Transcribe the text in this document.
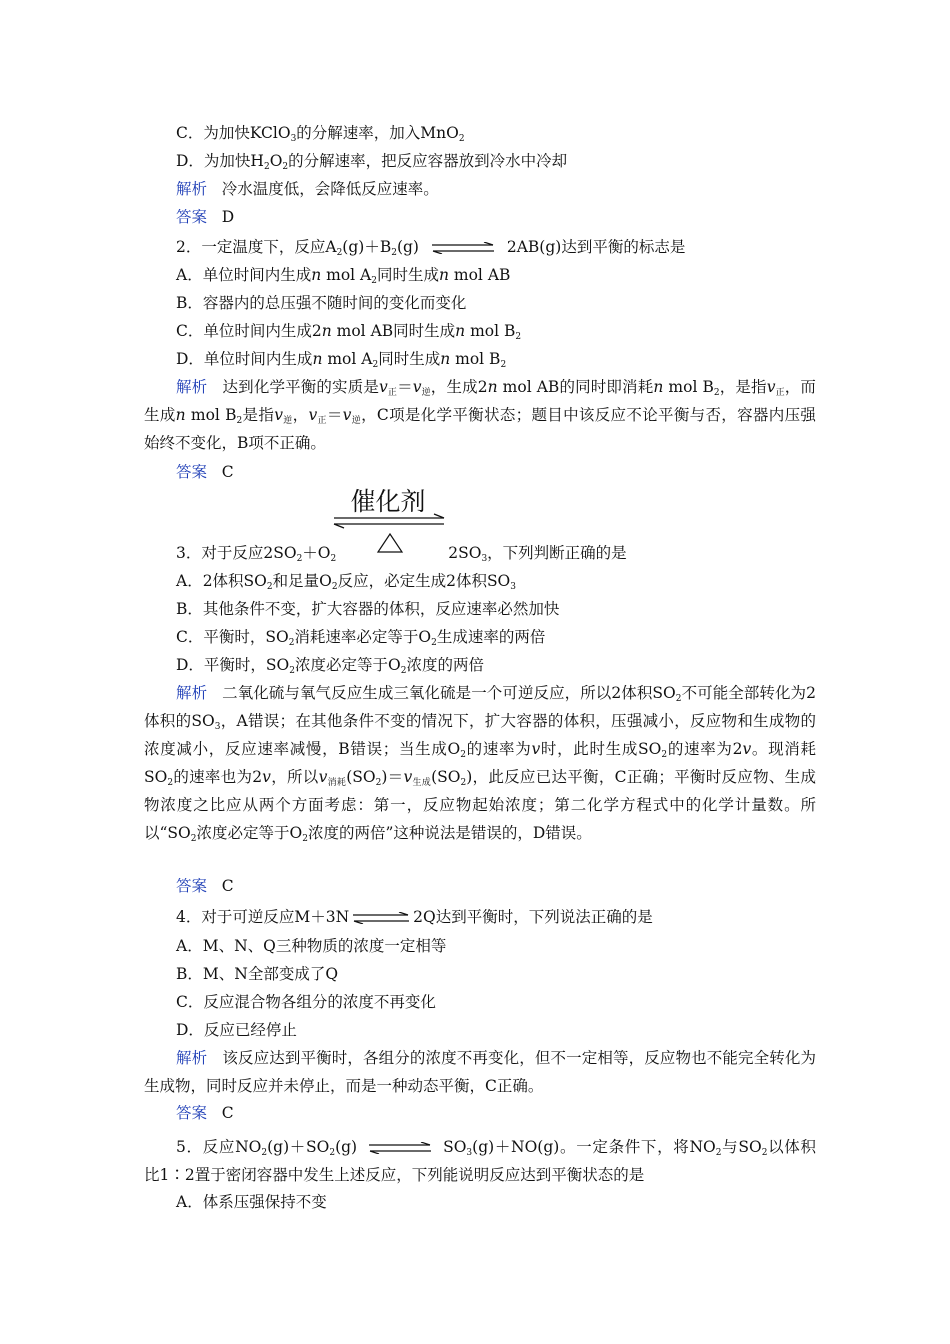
C．为加快KClO$_3$的分解速率，加入MnO$_2$
D．为加快$H_2O_2$的分解速率，把反应容器放到冷水中冷却
解析 冷水温度低，会降低反应速率。
答案 D
2．一定温度下，反应$A_2(g)+B_2(g)$	2AB(g)达到平衡的标志是
A．单位时间内生成n mol $A_2$同时生成n mol AB
B．容器内的总压强不随时间的变化而变化
C．单位时间内生成2n mol AB同时生成n mol $B_2$
D．单位时间内生成n mol $A_2$同时生成n mol $B_2$
解析 达到化学平衡的实质是$v_正=v_逆$，生成2n mol AB的同时即消耗n mol $B_2$，是指$v_正$，而生成n mol $B_2$是指$v_逆$，$v_正=v_逆$，C项是化学平衡状态；题目中该反应不论平衡与否，容器内压强始终不变化，B项不正确。
答案 C
催化剂
3．对于反应$2SO_2+O_2$	$2SO_3$，下列判断正确的是
A．2体积$SO_2$和足量$O_2$反应，必定生成2体积$SO_3$
B．其他条件不变，扩大容器的体积，反应速率必然加快
C．平衡时，$SO_2$消耗速率必定等于$O_2$生成速率的两倍
D．平衡时，$SO_2$浓度必定等于$O_2$浓度的两倍
解析 二氧化硫与氧气反应生成三氧化硫是一个可逆反应，所以2体积$SO_2$不可能全部转化为2体积的$SO_3$，A错误；在其他条件不变的情况下，扩大容器的体积，压强减小，反应物和生成物的浓度减小，反应速率减慢，B错误；当生成$O_2$的速率为v时，此时生成$SO_2$的速率为2v。现消耗$SO_2$的速率也为2v，所以$v_{消耗}(SO_2)=v_{生成}(SO_2)$，此反应已达平衡，C正确；平衡时反应物、生成物浓度之比应从两个方面考虑：第一，反应物起始浓度；第二化学方程式中的化学计量数。所以“$SO_2$浓度必定等于$O_2$浓度的两倍”这种说法是错误的，D错误。
答案 C
4．对于可逆反应M＋3N ⇌ 2Q达到平衡时，下列说法正确的是
A．M、N、Q三种物质的浓度一定相等
B．M、N全部变成了Q
C．反应混合物各组分的浓度不再变化
D．反应已经停止
解析 该反应达到平衡时，各组分的浓度不再变化，但不一定相等，反应物也不能完全转化为生成物，同时反应并未停止，而是一种动态平衡，C正确。
答案 C
5．反应$NO_2(g)+SO_2(g)$	$SO_3(g)+NO(g)$。一定条件下，将$NO_2$与$SO_2$以体积比1∶2置于密闭容器中发生上述反应，下列能说明反应达到平衡状态的是
A．体系压强保持不变
